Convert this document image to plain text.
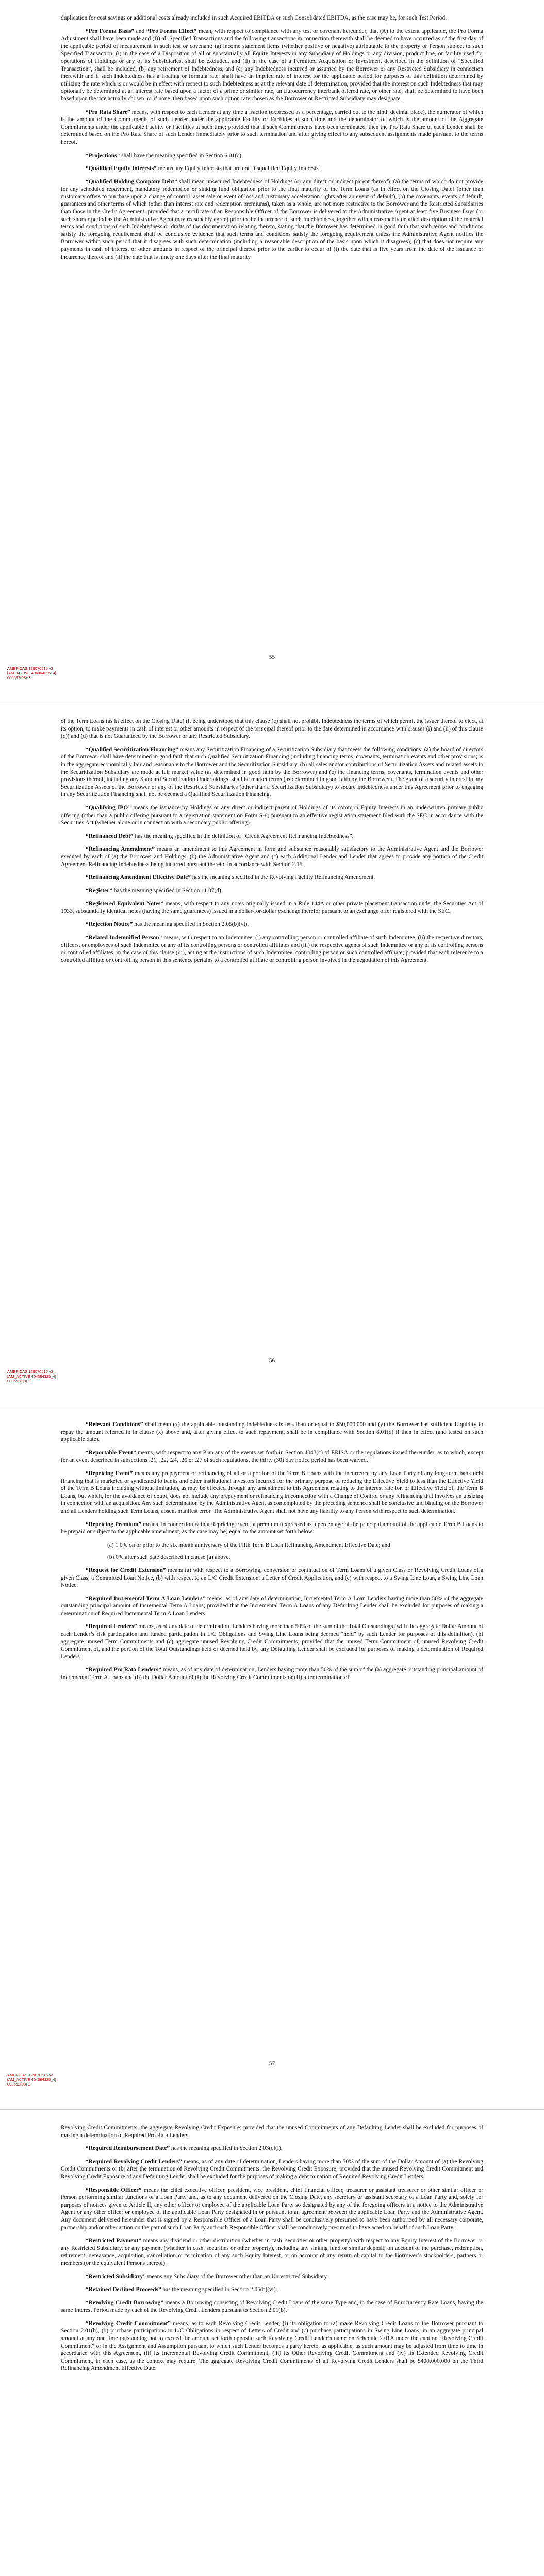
duplication for cost savings or additional costs already included in such Acquired EBITDA or such Consolidated EBITDA, as the case may be, for such Test Period.

“Pro Forma Basis” and “Pro Forma Effect” mean, with respect to compliance with any test or covenant hereunder, that (A) to the extent applicable, the Pro Forma Adjustment shall have been made and (B) all Specified Transactions and the following transactions in connection therewith shall be deemed to have occurred as of the first day of the applicable period of measurement in such test or covenant: (a) income statement items (whether positive or negative) attributable to the property or Person subject to such Specified Transaction, (i) in the case of a Disposition of all or substantially all Equity Interests in any Subsidiary of Holdings or any division, product line, or facility used for operations of Holdings or any of its Subsidiaries, shall be excluded, and (ii) in the case of a Permitted Acquisition or Investment described in the definition of “Specified Transaction”, shall be included, (b) any retirement of Indebtedness, and (c) any Indebtedness incurred or assumed by the Borrower or any Restricted Subsidiary in connection therewith and if such Indebtedness has a floating or formula rate, shall have an implied rate of interest for the applicable period for purposes of this definition determined by utilizing the rate which is or would be in effect with respect to such Indebtedness as at the relevant date of determination; provided that the interest on such Indebtedness that may optionally be determined at an interest rate based upon a factor of a prime or similar rate, an Eurocurrency interbank offered rate, or other rate, shall be determined to have been based upon the rate actually chosen, or if none, then based upon such option rate chosen as the Borrower or Restricted Subsidiary may designate.

“Pro Rata Share” means, with respect to each Lender at any time a fraction (expressed as a percentage, carried out to the ninth decimal place), the numerator of which is the amount of the Commitments of such Lender under the applicable Facility or Facilities at such time and the denominator of which is the amount of the Aggregate Commitments under the applicable Facility or Facilities at such time; provided that if such Commitments have been terminated, then the Pro Rata Share of each Lender shall be determined based on the Pro Rata Share of such Lender immediately prior to such termination and after giving effect to any subsequent assignments made pursuant to the terms hereof.

“Projections” shall have the meaning specified in Section 6.01(c).

“Qualified Equity Interests” means any Equity Interests that are not Disqualified Equity Interests.

“Qualified Holding Company Debt” shall mean unsecured Indebtedness of Holdings (or any direct or indirect parent thereof), (a) the terms of which do not provide for any scheduled repayment, mandatory redemption or sinking fund obligation prior to the final maturity of the Term Loans (as in effect on the Closing Date) (other than customary offers to purchase upon a change of control, asset sale or event of loss and customary acceleration rights after an event of default), (b) the covenants, events of default, guarantees and other terms of which (other than interest rate and redemption premiums), taken as a whole, are not more restrictive to the Borrower and the Restricted Subsidiaries than those in the Credit Agreement; provided that a certificate of an Responsible Officer of the Borrower is delivered to the Administrative Agent at least five Business Days (or such shorter period as the Administrative Agent may reasonably agree) prior to the incurrence of such Indebtedness, together with a reasonably detailed description of the material terms and conditions of such Indebtedness or drafts of the documentation relating thereto, stating that the Borrower has determined in good faith that such terms and conditions satisfy the foregoing requirement shall be conclusive evidence that such terms and conditions satisfy the foregoing requirement unless the Administrative Agent notifies the Borrower within such period that it disagrees with such determination (including a reasonable description of the basis upon which it disagrees), (c) that does not require any payments in cash of interest or other amounts in respect of the principal thereof prior to the earlier to occur of (i) the date that is five years from the date of the issuance or incurrence thereof and (ii) the date that is ninety one days after the final maturity

55
AMERICAS 129070515 v3
[AM_ACTIVE 404064325_4]
000692(08)-2

of the Term Loans (as in effect on the Closing Date) (it being understood that this clause (c) shall not prohibit Indebtedness the terms of which permit the issuer thereof to elect, at its option, to make payments in cash of interest or other amounts in respect of the principal thereof prior to the date determined in accordance with clauses (i) and (ii) of this clause (c)) and (d) that is not Guaranteed by the Borrower or any Restricted Subsidiary.

“Qualified Securitization Financing” means any Securitization Financing of a Securitization Subsidiary that meets the following conditions: (a) the board of directors of the Borrower shall have determined in good faith that such Qualified Securitization Financing (including financing terms, covenants, termination events and other provisions) is in the aggregate economically fair and reasonable to the Borrower and the Securitization Subsidiary, (b) all sales and/or contributions of Securitization Assets and related assets to the Securitization Subsidiary are made at fair market value (as determined in good faith by the Borrower) and (c) the financing terms, covenants, termination events and other provisions thereof, including any Standard Securitization Undertakings, shall be market terms (as determined in good faith by the Borrower). The grant of a security interest in any Securitization Assets of the Borrower or any of the Restricted Subsidiaries (other than a Securitization Subsidiary) to secure Indebtedness under this Agreement prior to engaging in any Securitization Financing shall not be deemed a Qualified Securitization Financing.

“Qualifying IPO” means the issuance by Holdings or any direct or indirect parent of Holdings of its common Equity Interests in an underwritten primary public offering (other than a public offering pursuant to a registration statement on Form S-8) pursuant to an effective registration statement filed with the SEC in accordance with the Securities Act (whether alone or in connection with a secondary public offering).

“Refinanced Debt” has the meaning specified in the definition of “Credit Agreement Refinancing Indebtedness”.

“Refinancing Amendment” means an amendment to this Agreement in form and substance reasonably satisfactory to the Administrative Agent and the Borrower executed by each of (a) the Borrower and Holdings, (b) the Administrative Agent and (c) each Additional Lender and Lender that agrees to provide any portion of the Credit Agreement Refinancing Indebtedness being incurred pursuant thereto, in accordance with Section 2.15.

“Refinancing Amendment Effective Date” has the meaning specified in the Revolving Facility Refinancing Amendment.

“Register” has the meaning specified in Section 11.07(d).

“Registered Equivalent Notes” means, with respect to any notes originally issued in a Rule 144A or other private placement transaction under the Securities Act of 1933, substantially identical notes (having the same guarantees) issued in a dollar-for-dollar exchange therefor pursuant to an exchange offer registered with the SEC.

“Rejection Notice” has the meaning specified in Section 2.05(b)(vi).

“Related Indemnified Person” means, with respect to an Indemnitee, (i) any controlling person or controlled affiliate of such Indemnitee, (ii) the respective directors, officers, or employees of such Indemnitee or any of its controlling persons or controlled affiliates and (iii) the respective agents of such Indemnitee or any of its controlling persons or controlled affiliates, in the case of this clause (iii), acting at the instructions of such Indemnitee, controlling person or such controlled affiliate; provided that each reference to a controlled affiliate or controlling person in this sentence pertains to a controlled affiliate or controlling person involved in the negotiation of this Agreement.

56
AMERICAS 129070515 v3
[AM_ACTIVE 404064325_4]
000692(08)-2

“Relevant Conditions” shall mean (x) the applicable outstanding indebtedness is less than or equal to $50,000,000 and (y) the Borrower has sufficient Liquidity to repay the amount referred to in clause (x) above and, after giving effect to such repayment, shall be in compliance with Section 8.01(d) if then in effect (and tested on such applicable date).

“Reportable Event” means, with respect to any Plan any of the events set forth in Section 4043(c) of ERISA or the regulations issued thereunder, as to which, except for an event described in subsections .21, .22, .24, .26 or .27 of such regulations, the thirty (30) day notice period has been waived.

“Repricing Event” means any prepayment or refinancing of all or a portion of the Term B Loans with the incurrence by any Loan Party of any long-term bank debt financing that is marketed or syndicated to banks and other institutional investors incurred for the primary purpose of reducing the Effective Yield to less than the Effective Yield of the Term B Loans including without limitation, as may be effected through any amendment to this Agreement relating to the interest rate for, or Effective Yield of, the Term B Loans, but which, for the avoidance of doubt, does not include any prepayment or refinancing in connection with a Change of Control or any refinancing that involves an upsizing in connection with an acquisition. Any such determination by the Administrative Agent as contemplated by the preceding sentence shall be conclusive and binding on the Borrower and all Lenders holding such Term Loans, absent manifest error. The Administrative Agent shall not have any liability to any Person with respect to such determination.

“Repricing Premium” means, in connection with a Repricing Event, a premium (expressed as a percentage of the principal amount of the applicable Term B Loans to be prepaid or subject to the applicable amendment, as the case may be) equal to the amount set forth below:

(a) 1.0% on or prior to the six month anniversary of the Fifth Term B Loan Refinancing Amendment Effective Date; and

(b) 0% after such date described in clause (a) above.

“Request for Credit Extension” means (a) with respect to a Borrowing, conversion or continuation of Term Loans of a given Class or Revolving Credit Loans of a given Class, a Committed Loan Notice, (b) with respect to an L/C Credit Extension, a Letter of Credit Application, and (c) with respect to a Swing Line Loan, a Swing Line Loan Notice.

“Required Incremental Term A Loan Lenders” means, as of any date of determination, Incremental Term A Loan Lenders having more than 50% of the aggregate outstanding principal amount of Incremental Term A Loans; provided that the Incremental Term A Loans of any Defaulting Lender shall be excluded for purposes of making a determination of Required Incremental Term A Loan Lenders.

“Required Lenders” means, as of any date of determination, Lenders having more than 50% of the sum of the Total Outstandings (with the aggregate Dollar Amount of each Lender’s risk participation and funded participation in L/C Obligations and Swing Line Loans being deemed “held” by such Lender for purposes of this definition), (b) aggregate unused Term Commitments and (c) aggregate unused Revolving Credit Commitments; provided that the unused Term Commitment of, unused Revolving Credit Commitment of, and the portion of the Total Outstandings held or deemed held by, any Defaulting Lender shall be excluded for purposes of making a determination of Required Lenders.

“Required Pro Rata Lenders” means, as of any date of determination, Lenders having more than 50% of the sum of the (a) aggregate outstanding principal amount of Incremental Term A Loans and (b) the Dollar Amount of (I) the Revolving Credit Commitments or (II) after termination of

57
AMERICAS 129070515 v3
[AM_ACTIVE 404064325_4]
000692(08)-2

Revolving Credit Commitments, the aggregate Revolving Credit Exposure; provided that the unused Commitments of any Defaulting Lender shall be excluded for purposes of making a determination of Required Pro Rata Lenders.

“Required Reimbursement Date” has the meaning specified in Section 2.03(c)(i).

“Required Revolving Credit Lenders” means, as of any date of determination, Lenders having more than 50% of the sum of the Dollar Amount of (a) the Revolving Credit Commitments or (b) after the termination of Revolving Credit Commitments, the Revolving Credit Exposure; provided that the unused Revolving Credit Commitment and Revolving Credit Exposure of any Defaulting Lender shall be excluded for the purposes of making a determination of Required Revolving Credit Lenders.

“Responsible Officer” means the chief executive officer, president, vice president, chief financial officer, treasurer or assistant treasurer or other similar officer or Person performing similar functions of a Loan Party and, as to any document delivered on the Closing Date, any secretary or assistant secretary of a Loan Party and, solely for purposes of notices given to Article II, any other officer or employee of the applicable Loan Party so designated by any of the foregoing officers in a notice to the Administrative Agent or any other officer or employee of the applicable Loan Party designated in or pursuant to an agreement between the applicable Loan Party and the Administrative Agent. Any document delivered hereunder that is signed by a Responsible Officer of a Loan Party shall be conclusively presumed to have been authorized by all necessary corporate, partnership and/or other action on the part of such Loan Party and such Responsible Officer shall be conclusively presumed to have acted on behalf of such Loan Party.

“Restricted Payment” means any dividend or other distribution (whether in cash, securities or other property) with respect to any Equity Interest of the Borrower or any Restricted Subsidiary, or any payment (whether in cash, securities or other property), including any sinking fund or similar deposit, on account of the purchase, redemption, retirement, defeasance, acquisition, cancellation or termination of any such Equity Interest, or on account of any return of capital to the Borrower’s stockholders, partners or members (or the equivalent Persons thereof).

“Restricted Subsidiary” means any Subsidiary of the Borrower other than an Unrestricted Subsidiary.

“Retained Declined Proceeds” has the meaning specified in Section 2.05(b)(vi).

“Revolving Credit Borrowing” means a Borrowing consisting of Revolving Credit Loans of the same Type and, in the case of Eurocurrency Rate Loans, having the same Interest Period made by each of the Revolving Credit Lenders pursuant to Section 2.01(b).

“Revolving Credit Commitment” means, as to each Revolving Credit Lender, (i) its obligation to (a) make Revolving Credit Loans to the Borrower pursuant to Section 2.01(b), (b) purchase participations in L/C Obligations in respect of Letters of Credit and (c) purchase participations in Swing Line Loans, in an aggregate principal amount at any one time outstanding not to exceed the amount set forth opposite such Revolving Credit Lender’s name on Schedule 2.01A under the caption “Revolving Credit Commitment” or in the Assignment and Assumption pursuant to which such Lender becomes a party hereto, as applicable, as such amount may be adjusted from time to time in accordance with this Agreement, (ii) its Incremental Revolving Credit Commitment, (iii) its Other Revolving Credit Commitment and (iv) its Extended Revolving Credit Commitment, in each case, as the context may require. The aggregate Revolving Credit Commitments of all Revolving Credit Lenders shall be $400,000,000 on the Third Refinancing Amendment Effective Date.
